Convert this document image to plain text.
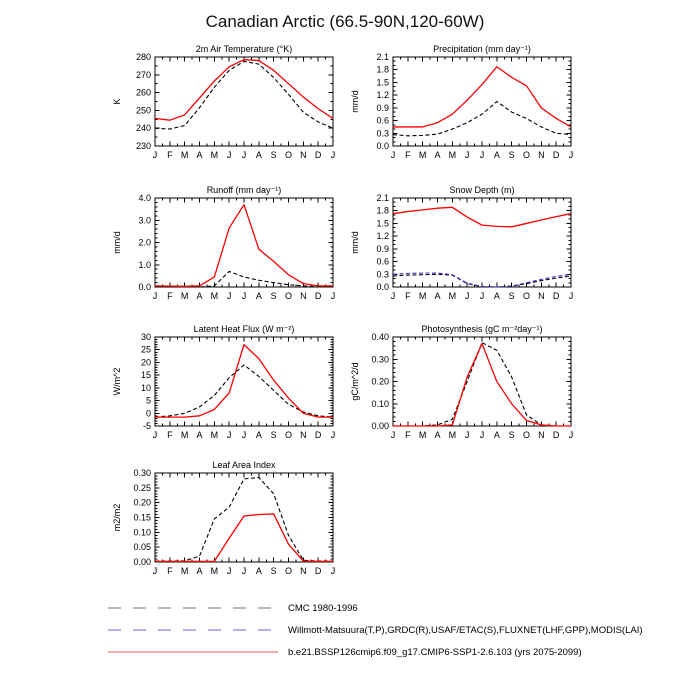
Canadian Arctic (66.5-90N,120-60W)
2m Air Temperature (°K)
J F M A M J J A S O N D J
230
240
250
260
270
280
K
Precipitation (mm day⁻¹)
J F M A M J J A S O N D J
0.0
0.3
0.6
0.9
1.2
1.5
1.8
2.1
mm/d
Runoff (mm day⁻¹)
J F M A M J J A S O N D J
0.0
1.0
2.0
3.0
4.0
mm/d
Snow Depth (m)
J F M A M J J A S O N D J
0.0
0.3
0.6
0.9
1.2
1.5
1.8
2.1
mm/d
Latent Heat Flux (W m⁻²)
J F M A M J J A S O N D J
-5
0
5
10
15
20
25
30
W/m^2
Photosynthesis (gC m⁻²day⁻¹)
J F M A M J J A S O N D J
0.00
0.10
0.20
0.30
0.40
gC/m^2/d
Leaf Area Index
J F M A M J J A S O N D J
0.00
0.05
0.10
0.15
0.20
0.25
0.30
m2/m2
CMC 1980-1996
Willmott-Matsuura(T,P),GRDC(R),USAF/ETAC(S),FLUXNET(LHF,GPP),MODIS(LAI)
b.e21.BSSP126cmip6.f09_g17.CMIP6-SSP1-2.6.103 (yrs 2075-2099)
